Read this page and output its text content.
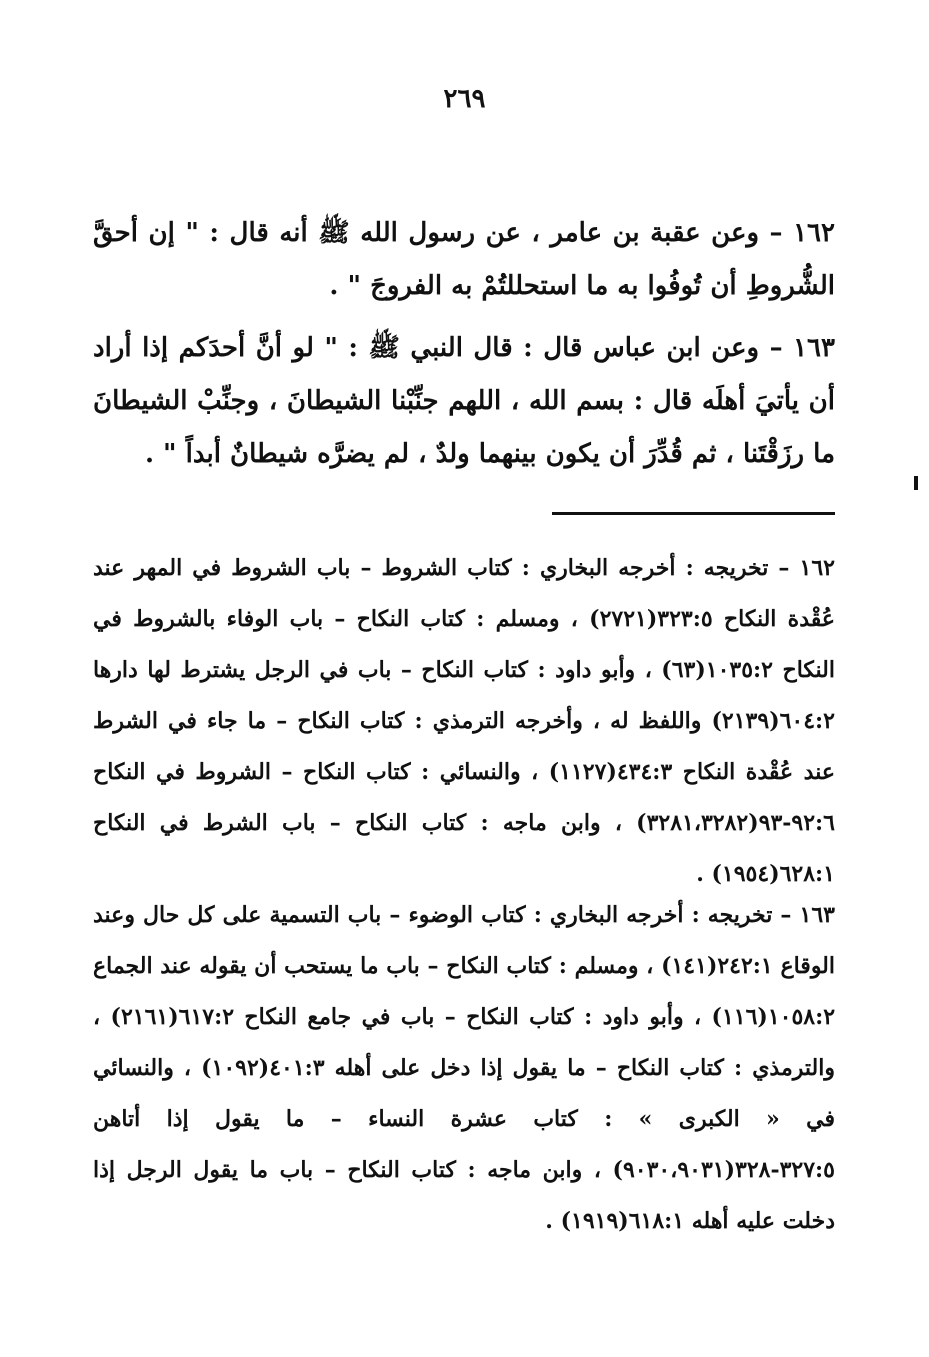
٢٦٩

١٦٢ – وعن عقبة بن عامر ، عن رسول الله ﷺ أنه قال : " إن أحقَّ الشُّروطِ أن تُوفُوا به ما استحللتُمْ به الفروجَ " .

١٦٣ – وعن ابن عباس قال : قال النبي ﷺ : " لو أنَّ أحدَكم إذا أراد أن يأتيَ أهلَه قال : بسم الله ، اللهم جنِّبْنا الشيطانَ ، وجنِّبْ الشيطانَ ما رزَقْتَنا ، ثم قُدِّرَ أن يكون بينهما ولدٌ ، لم يضرَّه شيطانٌ أبداً " .

١٦٢ – تخريجه : أخرجه البخاري : كتاب الشروط – باب الشروط في المهر عند عُقْدة النكاح ٣٢٣:٥(٢٧٢١) ، ومسلم : كتاب النكاح – باب الوفاء بالشروط في النكاح ١٠٣٥:٢(٦٣) ، وأبو داود : كتاب النكاح – باب في الرجل يشترط لها دارها ٦٠٤:٢(٢١٣٩) واللفظ له ، وأخرجه الترمذي : كتاب النكاح – ما جاء في الشرط عند عُقْدة النكاح ٤٣٤:٣(١١٢٧) ، والنسائي : كتاب النكاح – الشروط في النكاح ٩٢:٦-٩٣(٣٢٨١،٣٢٨٢) ، وابن ماجه : كتاب النكاح – باب الشرط في النكاح ٦٢٨:١(١٩٥٤) .

١٦٣ – تخريجه : أخرجه البخاري : كتاب الوضوء – باب التسمية على كل حال وعند الوقاع ٢٤٢:١(١٤١) ، ومسلم : كتاب النكاح – باب ما يستحب أن يقوله عند الجماع ١٠٥٨:٢(١١٦) ، وأبو داود : كتاب النكاح – باب في جامع النكاح ٦١٧:٢(٢١٦١) ، والترمذي : كتاب النكاح – ما يقول إذا دخل على أهله ٤٠١:٣(١٠٩٢) ، والنسائي في « الكبرى » : كتاب عشرة النساء – ما يقول إذا أتاهن ٣٢٧:٥-٣٢٨(٩٠٣٠،٩٠٣١) ، وابن ماجه : كتاب النكاح – باب ما يقول الرجل إذا دخلت عليه أهله ٦١٨:١(١٩١٩) .
